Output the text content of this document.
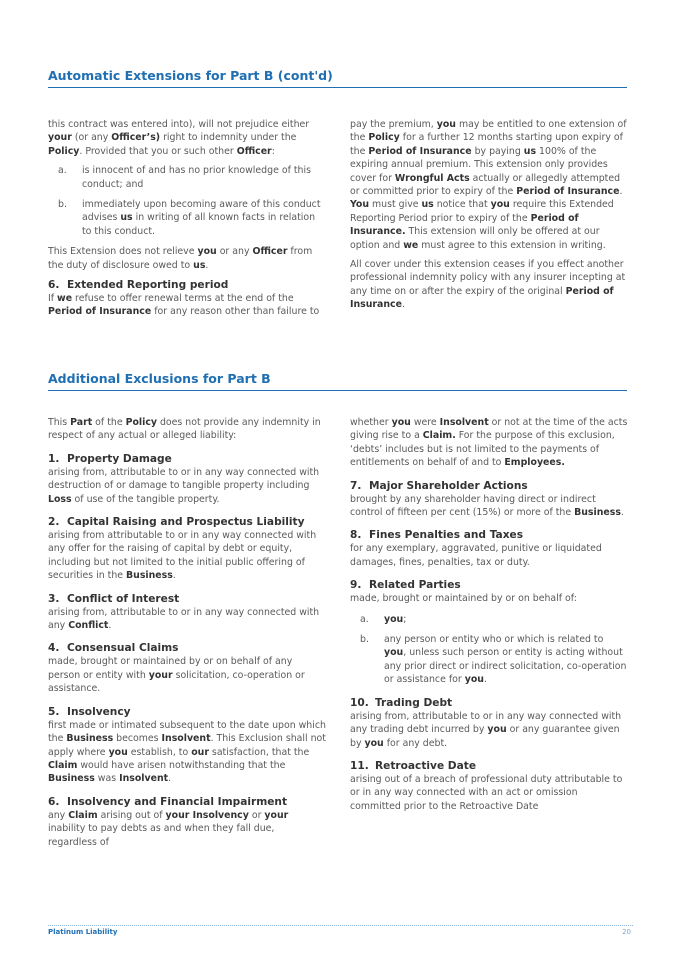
Automatic Extensions for Part B (cont'd)

this contract was entered into), will not prejudice either your (or any Officer’s) right to indemnity under the Policy. Provided that you or such other Officer:

a.	is innocent of and has no prior knowledge of this conduct; and
b.	immediately upon becoming aware of this conduct advises us in writing of all known facts in relation to this conduct.

This Extension does not relieve you or any Officer from the duty of disclosure owed to us.

6. Extended Reporting period

If we refuse to offer renewal terms at the end of the Period of Insurance for any reason other than failure to

pay the premium, you may be entitled to one extension of the Policy for a further 12 months starting upon expiry of the Period of Insurance by paying us 100% of the expiring annual premium. This extension only provides cover for Wrongful Acts actually or allegedly attempted or committed prior to expiry of the Period of Insurance. You must give us notice that you require this Extended Reporting Period prior to expiry of the Period of Insurance. This extension will only be offered at our option and we must agree to this extension in writing.

All cover under this extension ceases if you effect another professional indemnity policy with any insurer incepting at any time on or after the expiry of the original Period of Insurance.

Additional Exclusions for Part B

This Part of the Policy does not provide any indemnity in respect of any actual or alleged liability:

1. Property Damage

arising from, attributable to or in any way connected with destruction of or damage to tangible property including Loss of use of the tangible property.

2. Capital Raising and Prospectus Liability

arising from attributable to or in any way connected with any offer for the raising of capital by debt or equity, including but not limited to the initial public offering of securities in the Business.

3. Conflict of Interest

arising from, attributable to or in any way connected with any Conflict.

4. Consensual Claims

made, brought or maintained by or on behalf of any person or entity with your solicitation, co-operation or assistance.

5. Insolvency

first made or intimated subsequent to the date upon which the Business becomes Insolvent. This Exclusion shall not apply where you establish, to our satisfaction, that the Claim would have arisen notwithstanding that the Business was Insolvent.

6. Insolvency and Financial Impairment

any Claim arising out of your Insolvency or your inability to pay debts as and when they fall due, regardless of

whether you were Insolvent or not at the time of the acts giving rise to a Claim. For the purpose of this exclusion, ‘debts’ includes but is not limited to the payments of entitlements on behalf of and to Employees.

7. Major Shareholder Actions

brought by any shareholder having direct or indirect control of fifteen per cent (15%) or more of the Business.

8. Fines Penalties and Taxes

for any exemplary, aggravated, punitive or liquidated damages, fines, penalties, tax or duty.

9. Related Parties

made, brought or maintained by or on behalf of:

a.	you;
b.	any person or entity who or which is related to you, unless such person or entity is acting without any prior direct or indirect solicitation, co-operation or assistance for you.
10. Trading Debt

arising from, attributable to or in any way connected with any trading debt incurred by you or any guarantee given by you for any debt.

11. Retroactive Date

arising out of a breach of professional duty attributable to or in any way connected with an act or omission committed prior to the Retroactive Date

Platinum Liability	20
